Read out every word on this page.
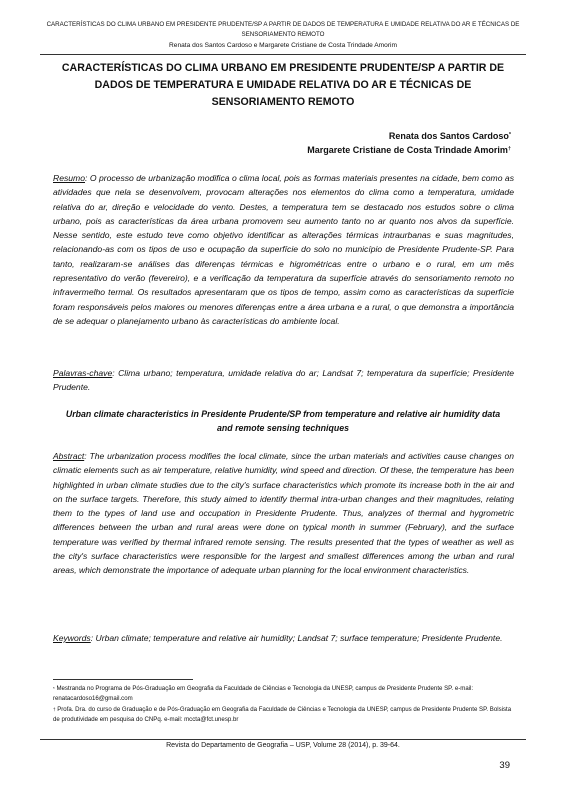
CARACTERÍSTICAS DO CLIMA URBANO EM PRESIDENTE PRUDENTE/SP A PARTIR DE DADOS DE TEMPERATURA E UMIDADE RELATIVA DO AR E TÉCNICAS DE SENSORIAMENTO REMOTO
Renata dos Santos Cardoso e Margarete Cristiane de Costa Trindade Amorim
CARACTERÍSTICAS DO CLIMA URBANO EM PRESIDENTE PRUDENTE/SP A PARTIR DE DADOS DE TEMPERATURA E UMIDADE RELATIVA DO AR E TÉCNICAS DE SENSORIAMENTO REMOTO
Renata dos Santos Cardoso*
Margarete Cristiane de Costa Trindade Amorim†
Resumo: O processo de urbanização modifica o clima local, pois as formas materiais presentes na cidade, bem como as atividades que nela se desenvolvem, provocam alterações nos elementos do clima como a temperatura, umidade relativa do ar, direção e velocidade do vento. Destes, a temperatura tem se destacado nos estudos sobre o clima urbano, pois as características da área urbana promovem seu aumento tanto no ar quanto nos alvos da superfície. Nesse sentido, este estudo teve como objetivo identificar as alterações térmicas intraurbanas e suas magnitudes, relacionando-as com os tipos de uso e ocupação da superfície do solo no município de Presidente Prudente-SP. Para tanto, realizaram-se análises das diferenças térmicas e higrométricas entre o urbano e o rural, em um mês representativo do verão (fevereiro), e a verificação da temperatura da superfície através do sensoriamento remoto no infravermelho termal. Os resultados apresentaram que os tipos de tempo, assim como as características da superfície foram responsáveis pelos maiores ou menores diferenças entre a área urbana e a rural, o que demonstra a importância de se adequar o planejamento urbano às características do ambiente local.
Palavras-chave: Clima urbano; temperatura, umidade relativa do ar; Landsat 7; temperatura da superfície; Presidente Prudente.
Urban climate characteristics in Presidente Prudente/SP from temperature and relative air humidity data and remote sensing techniques
Abstract: The urbanization process modifies the local climate, since the urban materials and activities cause changes on climatic elements such as air temperature, relative humidity, wind speed and direction. Of these, the temperature has been highlighted in urban climate studies due to the city's surface characteristics which promote its increase both in the air and on the surface targets. Therefore, this study aimed to identify thermal intra-urban changes and their magnitudes, relating them to the types of land use and occupation in Presidente Prudente. Thus, analyzes of thermal and hygrometric differences between the urban and rural areas were done on typical month in summer (February), and the surface temperature was verified by thermal infrared remote sensing. The results presented that the types of weather as well as the city's surface characteristics were responsible for the largest and smallest differences among the urban and rural areas, which demonstrate the importance of adequate urban planning for the local environment characteristics.
Keywords: Urban climate; temperature and relative air humidity; Landsat 7; surface temperature; Presidente Prudente.
* Mestranda no Programa de Pós-Graduação em Geografia da Faculdade de Ciências e Tecnologia da UNESP, campus de Presidente Prudente SP. e-mail: renatacardoso16@gmail.com
† Profa. Dra. do curso de Graduação e de Pós-Graduação em Geografia da Faculdade de Ciências e Tecnologia da UNESP, campus de Presidente Prudente SP. Bolsista de produtividade em pesquisa do CNPq. e-mail: mccta@fct.unesp.br
Revista do Departamento de Geografia – USP, Volume 28 (2014), p. 39-64.
39
